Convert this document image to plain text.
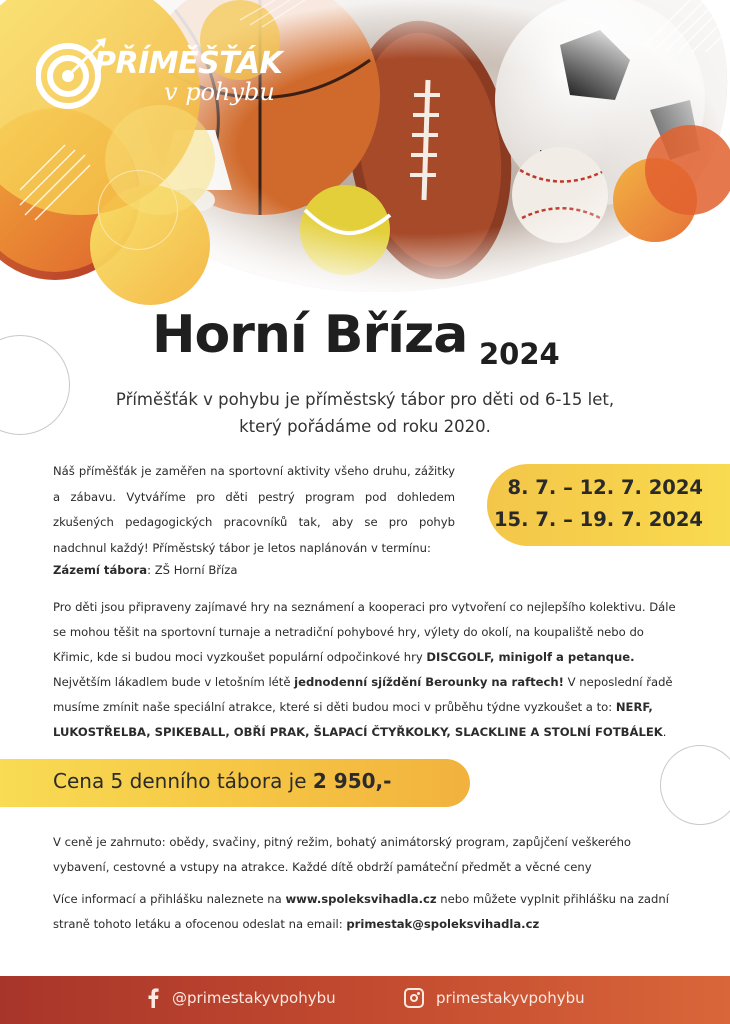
PŘÍMĚŠŤÁK
v pohybu
Horní Bříza 2024
Příměšťák v pohybu je příměstský tábor pro děti od 6-15 let,
který pořádáme od roku 2020.
Náš příměšťák je zaměřen na sportovní aktivity všeho druhu, zážitky a zábavu. Vytváříme pro děti pestrý program pod dohledem zkušených pedagogických pracovníků tak, aby se pro pohyb nadchnul každý! Příměstský tábor je letos naplánován v termínu:
8. 7. – 12. 7. 2024
15. 7. – 19. 7. 2024
Zázemí tábora: ZŠ Horní Bříza
Pro děti jsou připraveny zajímavé hry na seznámení a kooperaci pro vytvoření co nejlepšího kolektivu. Dále se mohou těšit na sportovní turnaje a netradiční pohybové hry, výlety do okolí, na koupaliště nebo do Křimic, kde si budou moci vyzkoušet populární odpočinkové hry DISCGOLF, minigolf a petanque. Největším lákadlem bude v letošním létě jednodenní sjíždění Berounky na raftech! V neposlední řadě musíme zmínit naše speciální atrakce, které si děti budou moci v průběhu týdne vyzkoušet a to: NERF, LUKOSTŘELBA, SPIKEBALL, OBŘÍ PRAK, ŠLAPACÍ ČTYŘKOLKY, SLACKLINE A STOLNÍ FOTBÁLEK.
Cena 5 denního tábora je 2 950,-
V ceně je zahrnuto: obědy, svačiny, pitný režim, bohatý animátorský program, zapůjčení veškerého vybavení, cestovné a vstupy na atrakce. Každé dítě obdrží památeční předmět a věcné ceny
Více informací a přihlášku naleznete na www.spoleksvihadla.cz nebo můžete vyplnit přihlášku na zadní straně tohoto letáku a ofocenou odeslat na email: primestak@spoleksvihadla.cz
@primestakyvpohybu	primestakyvpohybu
